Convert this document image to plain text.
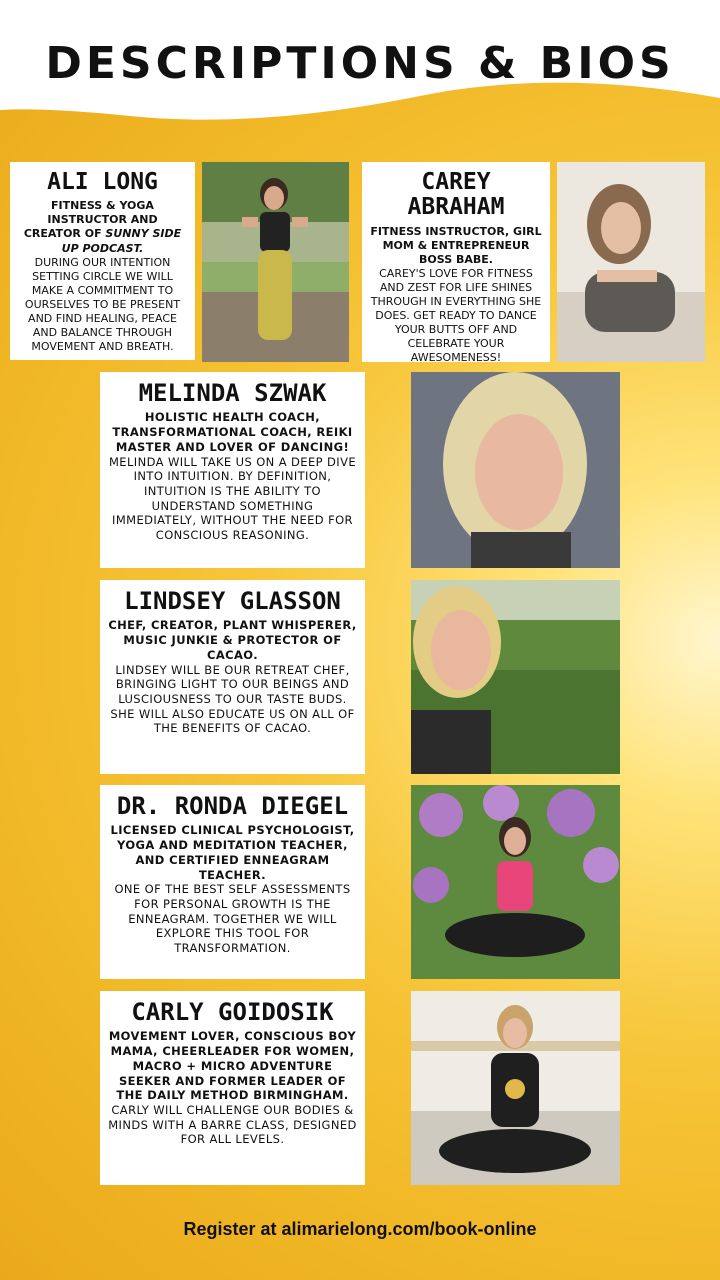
DESCRIPTIONS & BIOS
ALI LONG
FITNESS & YOGA INSTRUCTOR AND CREATOR OF SUNNY SIDE UP PODCAST.
DURING OUR INTENTION SETTING CIRCLE WE WILL MAKE A COMMITMENT TO OURSELVES TO BE PRESENT AND FIND HEALING, PEACE AND BALANCE THROUGH MOVEMENT AND BREATH.
CAREY ABRAHAM
FITNESS INSTRUCTOR, GIRL MOM & ENTREPRENEUR BOSS BABE.
CAREY'S LOVE FOR FITNESS AND ZEST FOR LIFE SHINES THROUGH IN EVERYTHING SHE DOES. GET READY TO DANCE YOUR BUTTS OFF AND CELEBRATE YOUR AWESOMENESS!
MELINDA SZWAK
HOLISTIC HEALTH COACH, TRANSFORMATIONAL COACH, REIKI MASTER AND LOVER OF DANCING!
MELINDA WILL TAKE US ON A DEEP DIVE INTO INTUITION. BY DEFINITION, INTUITION IS THE ABILITY TO UNDERSTAND SOMETHING IMMEDIATELY, WITHOUT THE NEED FOR CONSCIOUS REASONING.
LINDSEY GLASSON
CHEF, CREATOR, PLANT WHISPERER, MUSIC JUNKIE & PROTECTOR OF CACAO.
LINDSEY WILL BE OUR RETREAT CHEF, BRINGING LIGHT TO OUR BEINGS AND LUSCIOUSNESS TO OUR TASTE BUDS. SHE WILL ALSO EDUCATE US ON ALL OF THE BENEFITS OF CACAO.
DR. RONDA DIEGEL
LICENSED CLINICAL PSYCHOLOGIST, YOGA AND MEDITATION TEACHER, AND CERTIFIED ENNEAGRAM TEACHER.
ONE OF THE BEST SELF ASSESSMENTS FOR PERSONAL GROWTH IS THE ENNEAGRAM. TOGETHER WE WILL EXPLORE THIS TOOL FOR TRANSFORMATION.
CARLY GOIDOSIK
MOVEMENT LOVER, CONSCIOUS BOY MAMA, CHEERLEADER FOR WOMEN, MACRO + MICRO ADVENTURE SEEKER AND FORMER LEADER OF THE DAILY METHOD BIRMINGHAM.
CARLY WILL CHALLENGE OUR BODIES & MINDS WITH A BARRE CLASS, DESIGNED FOR ALL LEVELS.
Register at alimarielong.com/book-online
